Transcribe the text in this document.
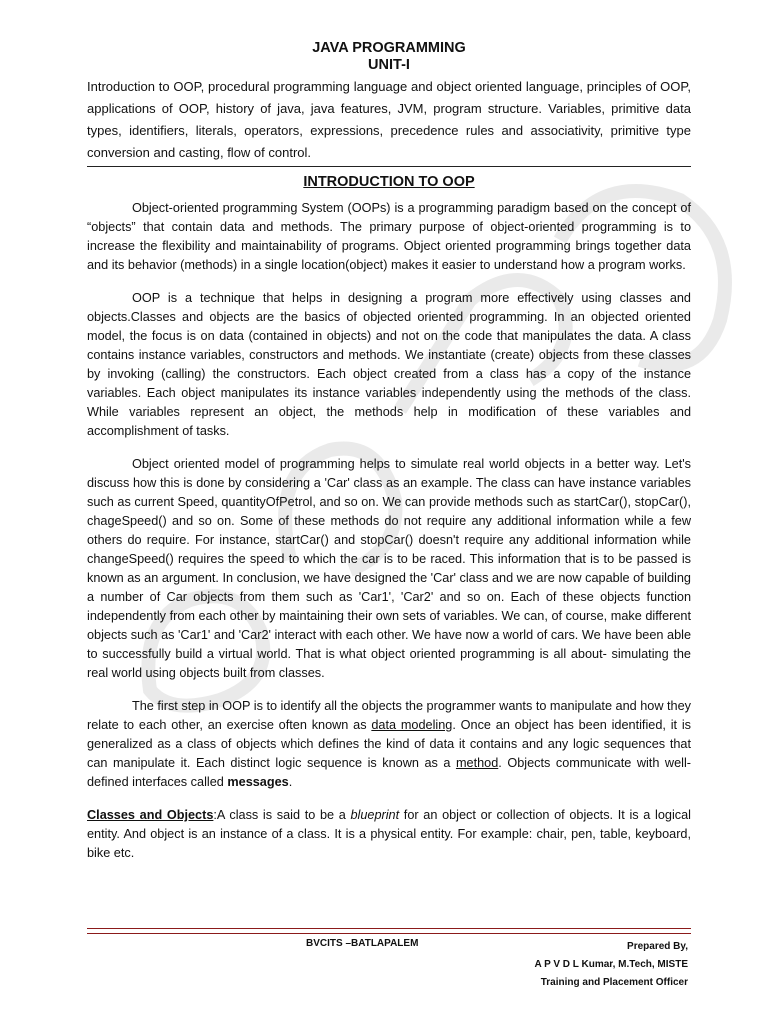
JAVA PROGRAMMING
UNIT-I
Introduction to OOP, procedural programming language and object oriented language, principles of OOP, applications of OOP, history of java, java features, JVM, program structure. Variables, primitive data types, identifiers, literals, operators, expressions, precedence rules and associativity, primitive type conversion and casting, flow of control.
INTRODUCTION TO OOP

Object-oriented programming System (OOPs) is a programming paradigm based on the concept of “objects” that contain data and methods. The primary purpose of object-oriented programming is to increase the flexibility and maintainability of programs. Object oriented programming brings together data and its behavior (methods) in a single location(object) makes it easier to understand how a program works.

OOP is a technique that helps in designing a program more effectively using classes and objects.Classes and objects are the basics of objected oriented programming. In an objected oriented model, the focus is on data (contained in objects) and not on the code that manipulates the data. A class contains instance variables, constructors and methods. We instantiate (create) objects from these classes by invoking (calling) the constructors. Each object created from a class has a copy of the instance variables. Each object manipulates its instance variables independently using the methods of the class. While variables represent an object, the methods help in modification of these variables and accomplishment of tasks.

Object oriented model of programming helps to simulate real world objects in a better way. Let's discuss how this is done by considering a 'Car' class as an example. The class can have instance variables such as current Speed, quantityOfPetrol, and so on. We can provide methods such as startCar(), stopCar(), chageSpeed() and so on. Some of these methods do not require any additional information while a few others do require. For instance, startCar() and stopCar() doesn't require any additional information while changeSpeed() requires the speed to which the car is to be raced. This information that is to be passed is known as an argument. In conclusion, we have designed the 'Car' class and we are now capable of building a number of Car objects from them such as 'Car1', 'Car2' and so on. Each of these objects function independently from each other by maintaining their own sets of variables. We can, of course, make different objects such as 'Car1' and 'Car2' interact with each other. We have now a world of cars. We have been able to successfully build a virtual world. That is what object oriented programming is all about- simulating the real world using objects built from classes.

The first step in OOP is to identify all the objects the programmer wants to manipulate and how they relate to each other, an exercise often known as data modeling. Once an object has been identified, it is generalized as a class of objects which defines the kind of data it contains and any logic sequences that can manipulate it. Each distinct logic sequence is known as a method. Objects communicate with well-defined interfaces called messages.

Classes and Objects:A class is said to be a blueprint for an object or collection of objects. It is a logical entity. And object is an instance of a class. It is a physical entity. For example: chair, pen, table, keyboard, bike etc.

BVCITS –BATLAPALEM	Prepared By,
A P V D L Kumar, M.Tech, MISTE
Training and Placement Officer
